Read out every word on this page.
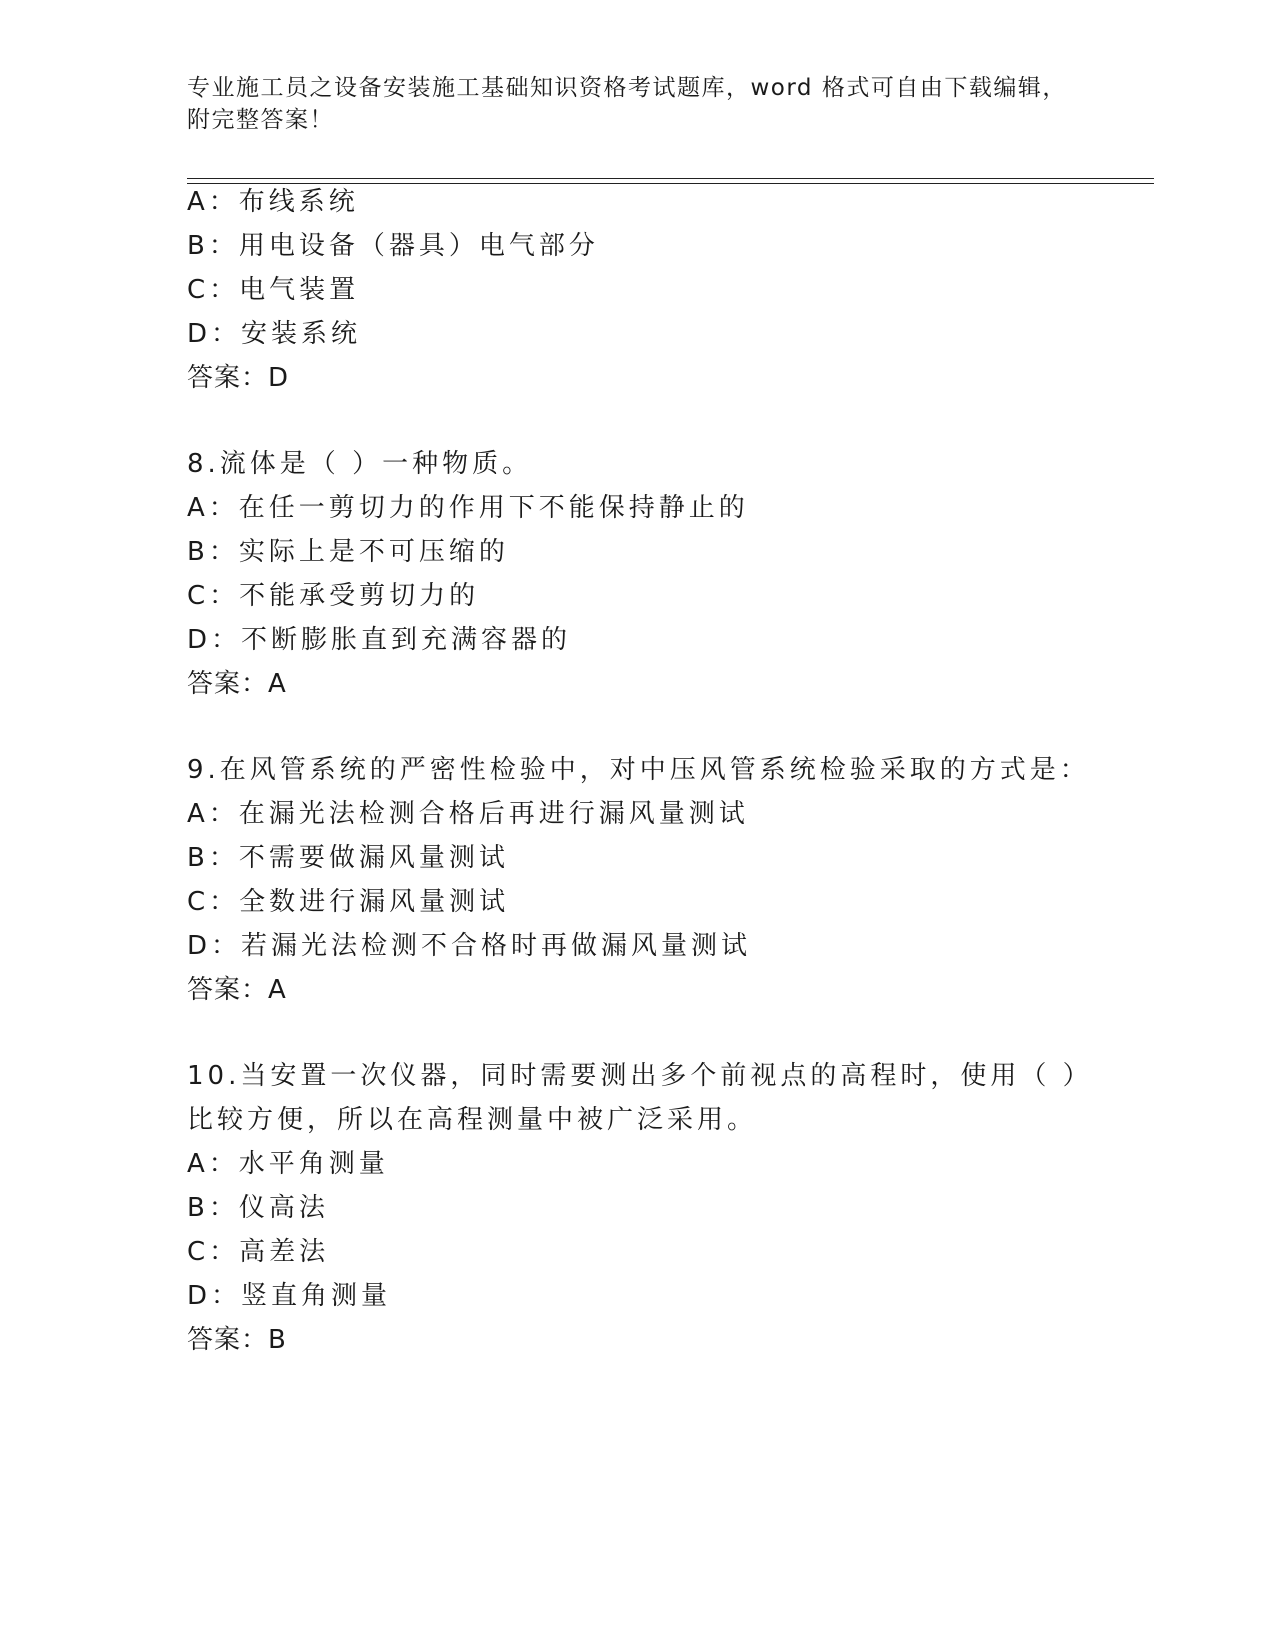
专业施工员之设备安装施工基础知识资格考试题库，word 格式可自由下载编辑，
附完整答案！
A：布线系统
B：用电设备（器具）电气部分
C：电气装置
D：安装系统
答案：D
8.流体是（ ）一种物质。
A：在任一剪切力的作用下不能保持静止的
B：实际上是不可压缩的
C：不能承受剪切力的
D：不断膨胀直到充满容器的
答案：A
9.在风管系统的严密性检验中，对中压风管系统检验采取的方式是：
A：在漏光法检测合格后再进行漏风量测试
B：不需要做漏风量测试
C：全数进行漏风量测试
D：若漏光法检测不合格时再做漏风量测试
答案：A
10.当安置一次仪器，同时需要测出多个前视点的高程时，使用（ ）
比较方便，所以在高程测量中被广泛采用。
A：水平角测量
B：仪高法
C：高差法
D：竖直角测量
答案：B
